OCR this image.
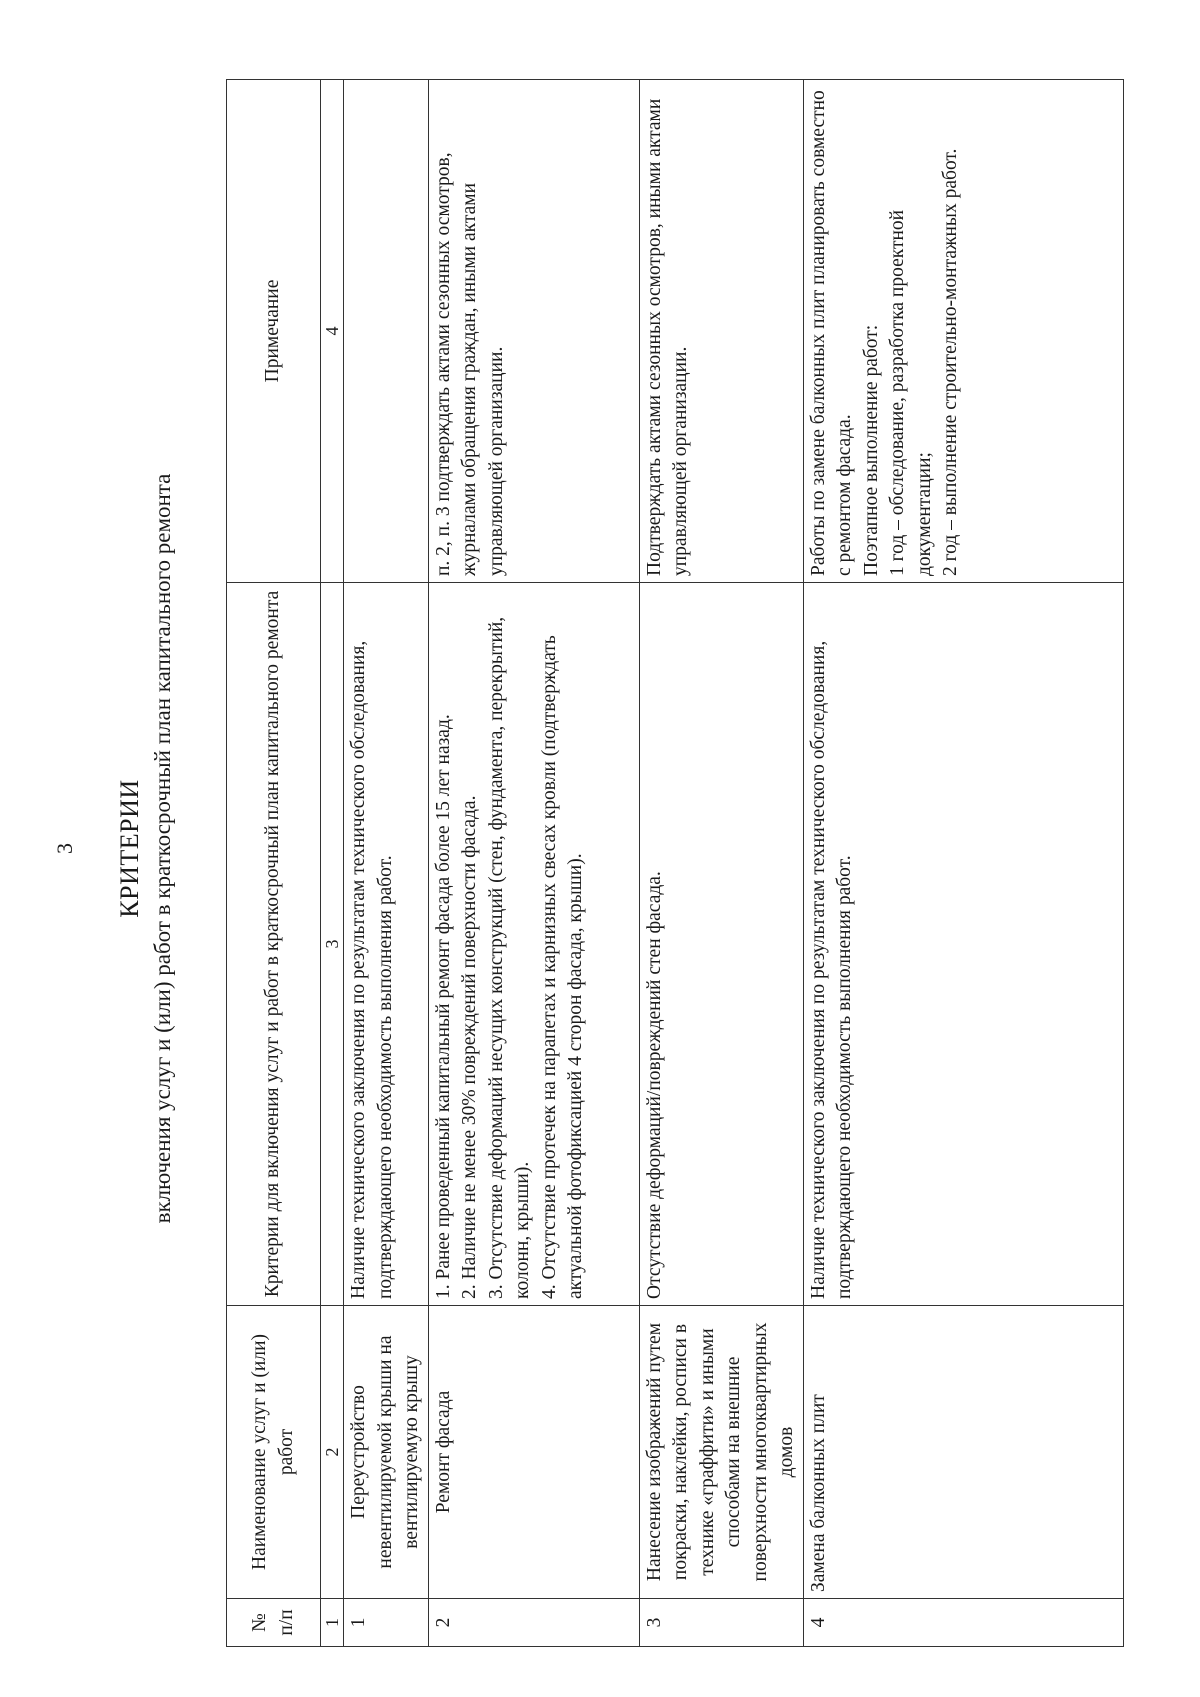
3 КРИТЕРИИ включения услуг и (или) работ в краткосрочный план капитального ремонта
№ п/п	Наименование услуг и (или) работ	Критерии для включения услуг и работ в краткосрочный план капитального ремонта	Примечание
1	2	3	4
1	Переустройство невентилируемой крыши на вентилируемую крышу	Наличие технического заключения по результатам технического обследования, подтверждающего необходимость выполнения работ.	

2	Ремонт фасада	1. Ранее проведенный капитальный ремонт фасада более 15 лет назад. 2. Наличие не менее 30% повреждений поверхности фасада. 3. Отсутствие деформаций несущих конструкций (стен, фундамента, перекрытий, колонн, крыши). 4. Отсутствие протечек на парапетах и карнизных свесах кровли (подтверждать актуальной фотофиксацией 4 сторон фасада, крыши).	п. 2, п. 3 подтверждать актами сезонных осмотров, журналами обращения граждан, иными актами управляющей организации.

3	Нанесение изображений путем покраски, наклейки, росписи в технике «граффити» и иными способами на внешние поверхности многоквартирных домов	Отсутствие деформаций/повреждений стен фасада.	Подтверждать актами сезонных осмотров, иными актами управляющей организации.

4	Замена балконных плит	Наличие технического заключения по результатам технического обследования, подтверждающего необходимость выполнения работ.	Работы по замене балконных плит планировать совместно с ремонтом фасада. Поэтапное выполнение работ: 1 год – обследование, разработка проектной документации; 2 год – выполнение строительно-монтажных работ.
